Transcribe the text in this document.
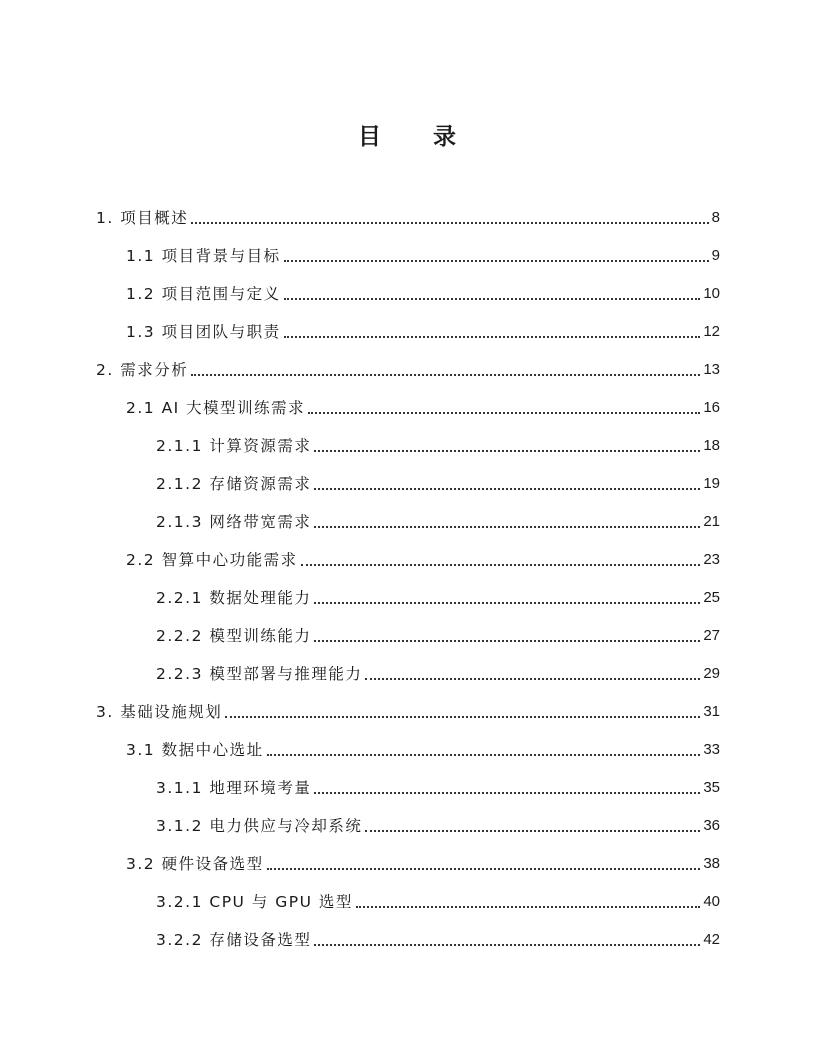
目 录
1. 项目概述	8
1.1 项目背景与目标	9
1.2 项目范围与定义	10
1.3 项目团队与职责	12
2. 需求分析	13
2.1 AI 大模型训练需求	16
2.1.1 计算资源需求	18
2.1.2 存储资源需求	19
2.1.3 网络带宽需求	21
2.2 智算中心功能需求	23
2.2.1 数据处理能力	25
2.2.2 模型训练能力	27
2.2.3 模型部署与推理能力	29
3. 基础设施规划	31
3.1 数据中心选址	33
3.1.1 地理环境考量	35
3.1.2 电力供应与冷却系统	36
3.2 硬件设备选型	38
3.2.1 CPU 与 GPU 选型	40
3.2.2 存储设备选型	42
